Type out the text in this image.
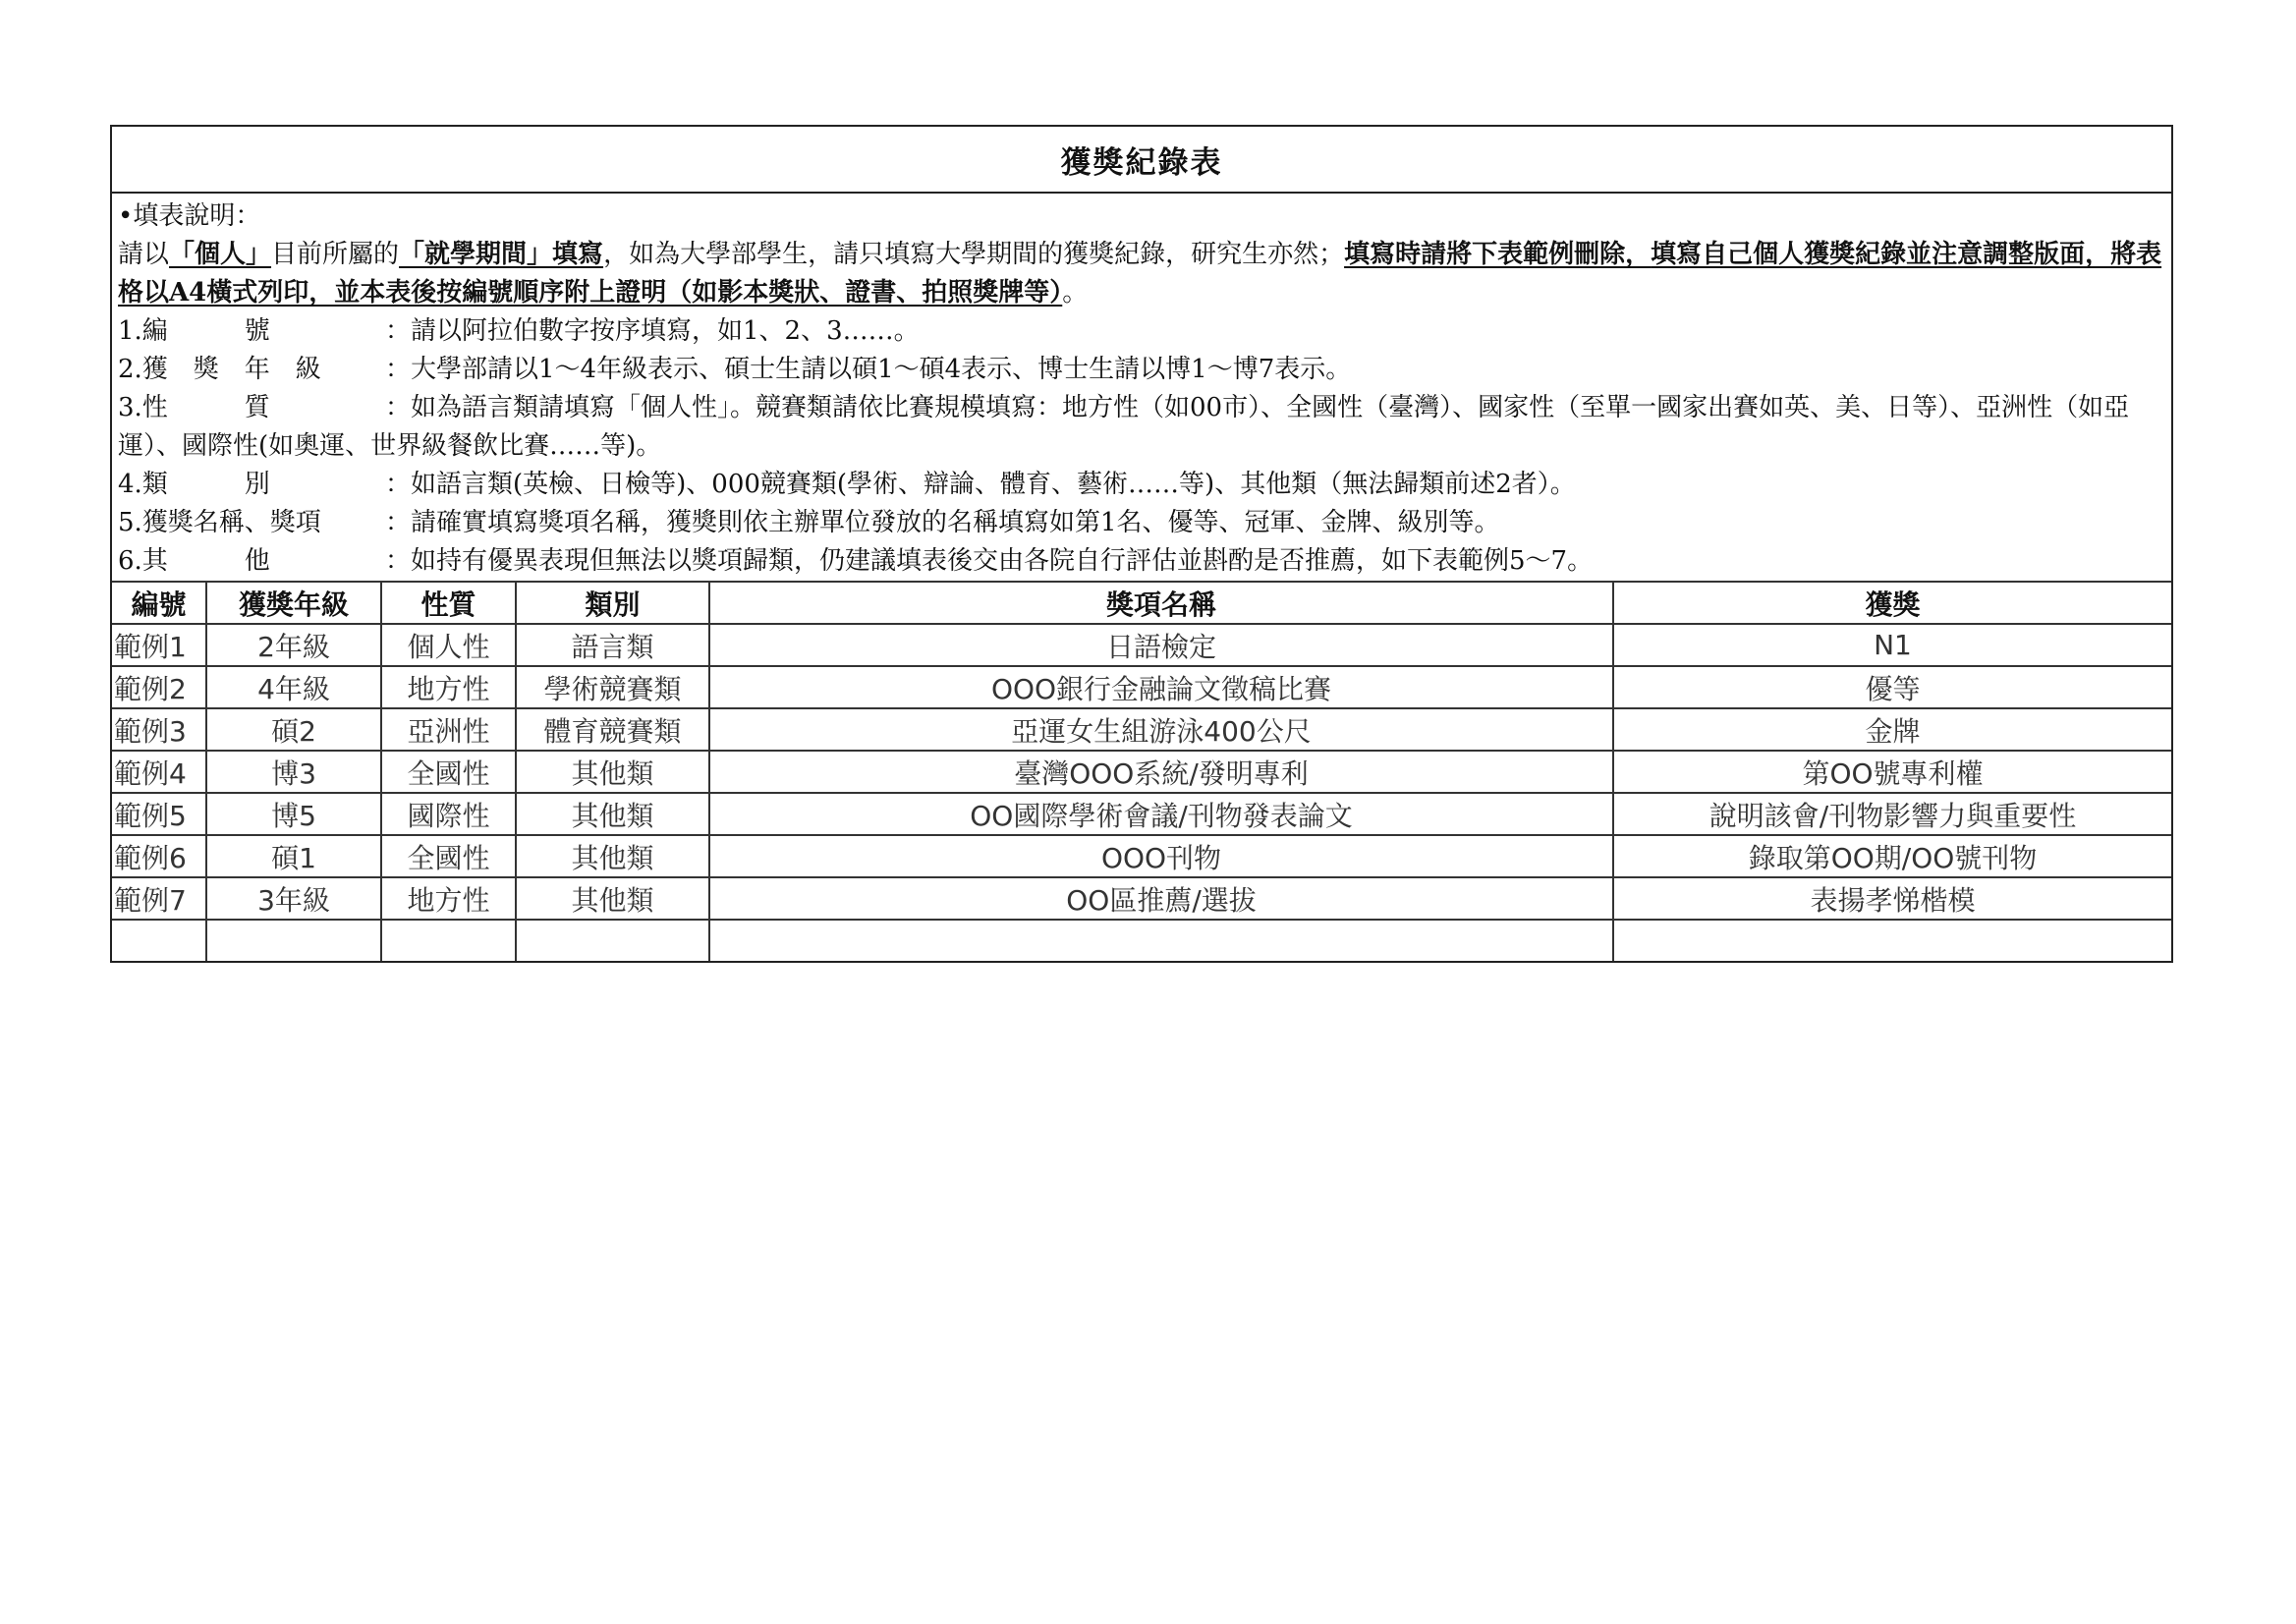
獲獎紀錄表
•填表說明：
請以「個人」目前所屬的「就學期間」填寫，如為大學部學生，請只填寫大學期間的獲獎紀錄，研究生亦然；填寫時請將下表範例刪除，填寫自己個人獲獎紀錄並注意調整版面，將表格以A4橫式列印，並本表後按編號順序附上證明（如影本獎狀、證書、拍照獎牌等）。
1.編　　　號	：請以阿拉伯數字按序填寫，如1、2、3……。
2.獲　獎　年　級	：大學部請以1～4年級表示、碩士生請以碩1～碩4表示、博士生請以博1～博7表示。
3.性　　　質	：如為語言類請填寫「個人性」。競賽類請依比賽規模填寫：地方性（如00市）、全國性（臺灣）、國家性（至單一國家出賽如英、美、日等）、亞洲性（如亞運）、國際性(如奧運、世界級餐飲比賽……等)。
4.類　　　別	：如語言類(英檢、日檢等)、000競賽類(學術、辯論、體育、藝術……等)、其他類（無法歸類前述2者）。
5.獲獎名稱、獎項	：請確實填寫獎項名稱，獲獎則依主辦單位發放的名稱填寫如第1名、優等、冠軍、金牌、級別等。
6.其　　　他	：如持有優異表現但無法以獎項歸類，仍建議填表後交由各院自行評估並斟酌是否推薦，如下表範例5～7。
編號	獲獎年級	性質	類別	獎項名稱	獲獎
範例1	2年級	個人性	語言類	日語檢定	N1
範例2	4年級	地方性	學術競賽類	OOO銀行金融論文徵稿比賽	優等
範例3	碩2	亞洲性	體育競賽類	亞運女生組游泳400公尺	金牌
範例4	博3	全國性	其他類	臺灣OOO系統/發明專利	第OO號專利權
範例5	博5	國際性	其他類	OO國際學術會議/刊物發表論文	說明該會/刊物影響力與重要性
範例6	碩1	全國性	其他類	OOO刊物	錄取第OO期/OO號刊物
範例7	3年級	地方性	其他類	OO區推薦/選拔	表揚孝悌楷模
